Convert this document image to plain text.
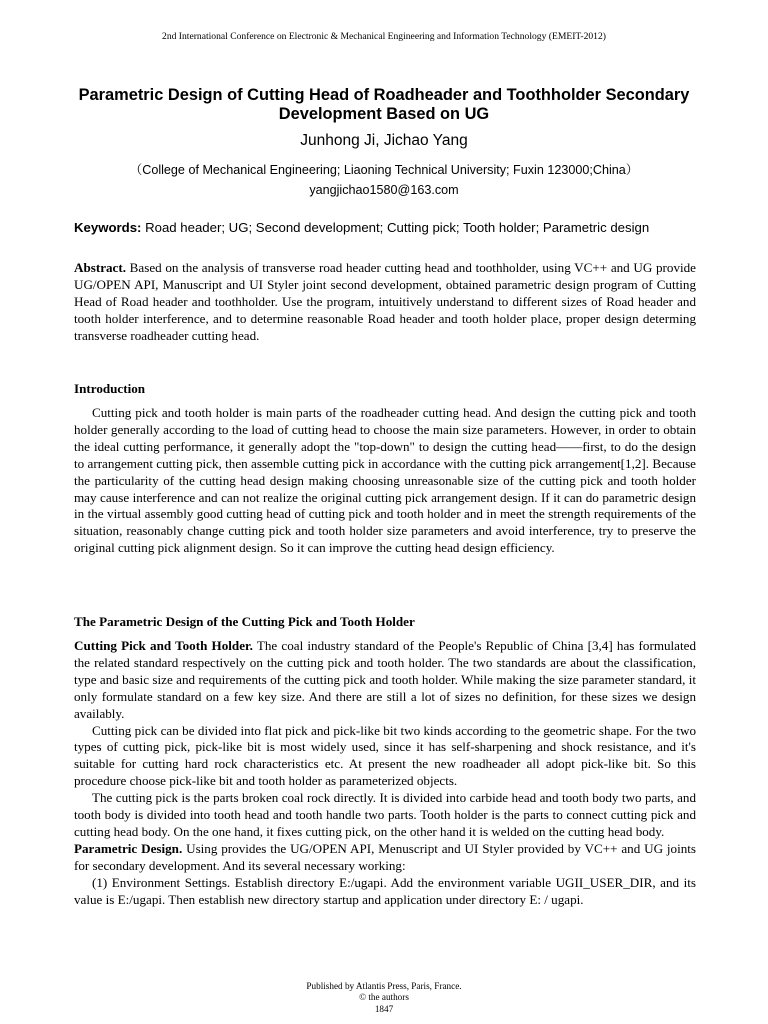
2nd International Conference on Electronic & Mechanical Engineering and Information Technology (EMEIT-2012)
Parametric Design of Cutting Head of Roadheader and Toothholder Secondary Development Based on UG
Junhong Ji, Jichao Yang
（College of Mechanical Engineering; Liaoning Technical University; Fuxin 123000;China）
yangjichao1580@163.com
Keywords: Road header; UG; Second development; Cutting pick; Tooth holder; Parametric design

Abstract. Based on the analysis of transverse road header cutting head and toothholder, using VC++ and UG provide UG/OPEN API, Manuscript and UI Styler joint second development, obtained parametric design program of Cutting Head of Road header and toothholder. Use the program, intuitively understand to different sizes of Road header and tooth holder interference, and to determine reasonable Road header and tooth holder place, proper design determing transverse roadheader cutting head.

Introduction

Cutting pick and tooth holder is main parts of the roadheader cutting head. And design the cutting pick and tooth holder generally according to the load of cutting head to choose the main size parameters. However, in order to obtain the ideal cutting performance, it generally adopt the "top-down" to design the cutting head——first, to do the design to arrangement cutting pick, then assemble cutting pick in accordance with the cutting pick arrangement[1,2]. Because the particularity of the cutting head design making choosing unreasonable size of the cutting pick and tooth holder may cause interference and can not realize the original cutting pick arrangement design. If it can do parametric design in the virtual assembly good cutting head of cutting pick and tooth holder and in meet the strength requirements of the situation, reasonably change cutting pick and tooth holder size parameters and avoid interference, try to preserve the original cutting pick alignment design. So it can improve the cutting head design efficiency.

The Parametric Design of the Cutting Pick and Tooth Holder

Cutting Pick and Tooth Holder. The coal industry standard of the People's Republic of China [3,4] has formulated the related standard respectively on the cutting pick and tooth holder. The two standards are about the classification, type and basic size and requirements of the cutting pick and tooth holder. While making the size parameter standard, it only formulate standard on a few key size. And there are still a lot of sizes no definition, for these sizes we design availably.

Cutting pick can be divided into flat pick and pick-like bit two kinds according to the geometric shape. For the two types of cutting pick, pick-like bit is most widely used, since it has self-sharpening and shock resistance, and it's suitable for cutting hard rock characteristics etc. At present the new roadheader all adopt pick-like bit. So this procedure choose pick-like bit and tooth holder as parameterized objects.

The cutting pick is the parts broken coal rock directly. It is divided into carbide head and tooth body two parts, and tooth body is divided into tooth head and tooth handle two parts. Tooth holder is the parts to connect cutting pick and cutting head body. On the one hand, it fixes cutting pick, on the other hand it is welded on the cutting head body.

Parametric Design. Using provides the UG/OPEN API, Menuscript and UI Styler provided by VC++ and UG joints for secondary development. And its several necessary working:

(1) Environment Settings. Establish directory E:/ugapi. Add the environment variable UGII_USER_DIR, and its value is E:/ugapi. Then establish new directory startup and application under directory E: / ugapi.

Published by Atlantis Press, Paris, France.
© the authors
1847
